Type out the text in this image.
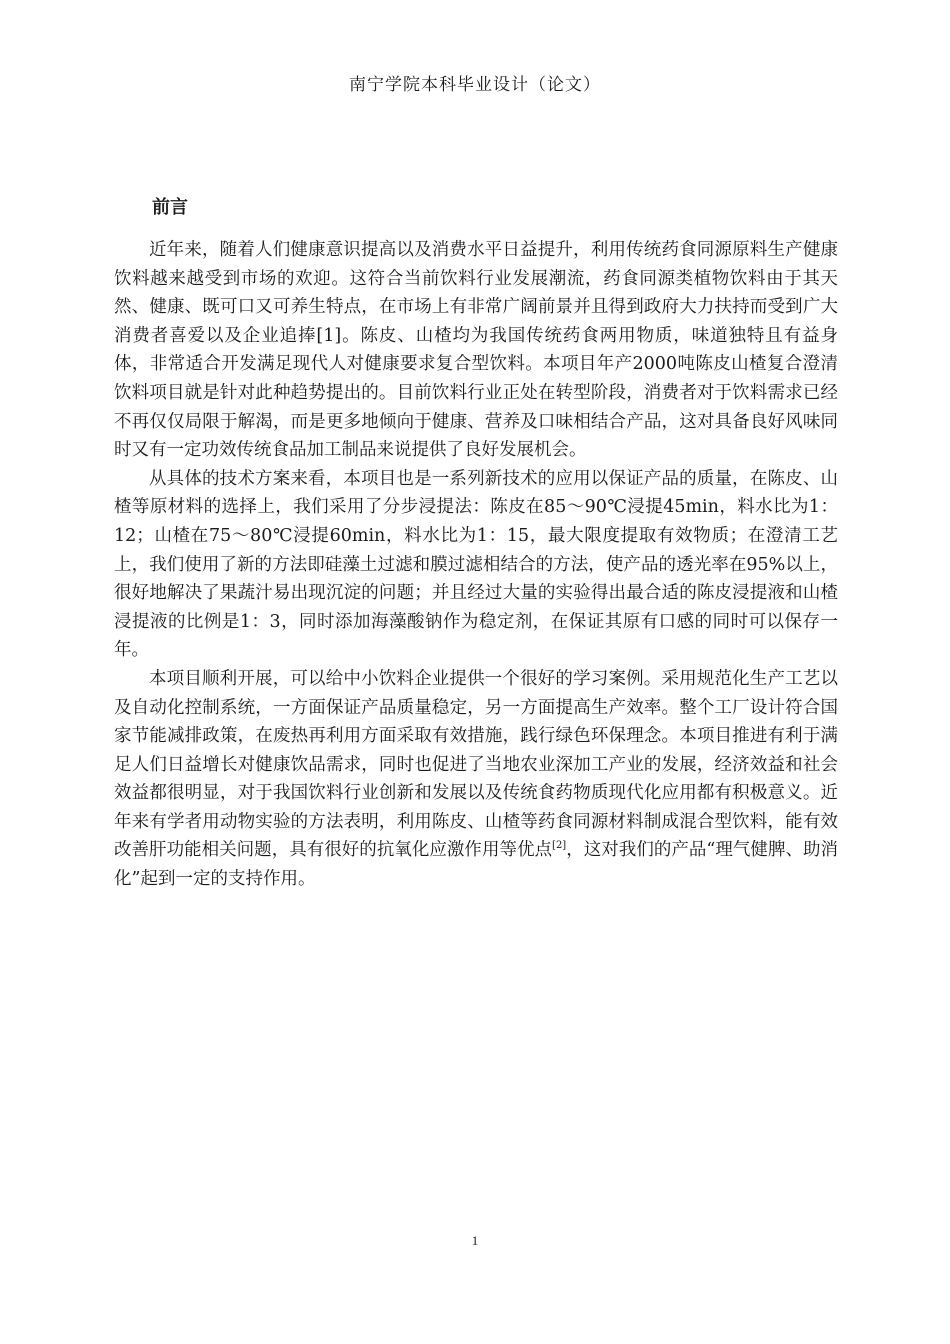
南宁学院本科毕业设计（论文）
前言

近年来，随着人们健康意识提高以及消费水平日益提升，利用传统药食同源原料生产健康饮料越来越受到市场的欢迎。这符合当前饮料行业发展潮流，药食同源类植物饮料由于其天然、健康、既可口又可养生特点，在市场上有非常广阔前景并且得到政府大力扶持而受到广大消费者喜爱以及企业追捧[1]。陈皮、山楂均为我国传统药食两用物质，味道独特且有益身体，非常适合开发满足现代人对健康要求复合型饮料。本项目年产2000吨陈皮山楂复合澄清饮料项目就是针对此种趋势提出的。目前饮料行业正处在转型阶段，消费者对于饮料需求已经不再仅仅局限于解渴，而是更多地倾向于健康、营养及口味相结合产品，这对具备良好风味同时又有一定功效传统食品加工制品来说提供了良好发展机会。

从具体的技术方案来看，本项目也是一系列新技术的应用以保证产品的质量，在陈皮、山楂等原材料的选择上，我们采用了分步浸提法：陈皮在85～90℃浸提45min，料水比为1：12；山楂在75～80℃浸提60min，料水比为1：15，最大限度提取有效物质；在澄清工艺上，我们使用了新的方法即硅藻土过滤和膜过滤相结合的方法，使产品的透光率在95%以上，很好地解决了果蔬汁易出现沉淀的问题；并且经过大量的实验得出最合适的陈皮浸提液和山楂浸提液的比例是1：3，同时添加海藻酸钠作为稳定剂，在保证其原有口感的同时可以保存一年。

本项目顺利开展，可以给中小饮料企业提供一个很好的学习案例。采用规范化生产工艺以及自动化控制系统，一方面保证产品质量稳定，另一方面提高生产效率。整个工厂设计符合国家节能减排政策，在废热再利用方面采取有效措施，践行绿色环保理念。本项目推进有利于满足人们日益增长对健康饮品需求，同时也促进了当地农业深加工产业的发展，经济效益和社会效益都很明显，对于我国饮料行业创新和发展以及传统食药物质现代化应用都有积极意义。近年来有学者用动物实验的方法表明，利用陈皮、山楂等药食同源材料制成混合型饮料，能有效改善肝功能相关问题，具有很好的抗氧化应激作用等优点[2]，这对我们的产品“理气健脾、助消化”起到一定的支持作用。

1
